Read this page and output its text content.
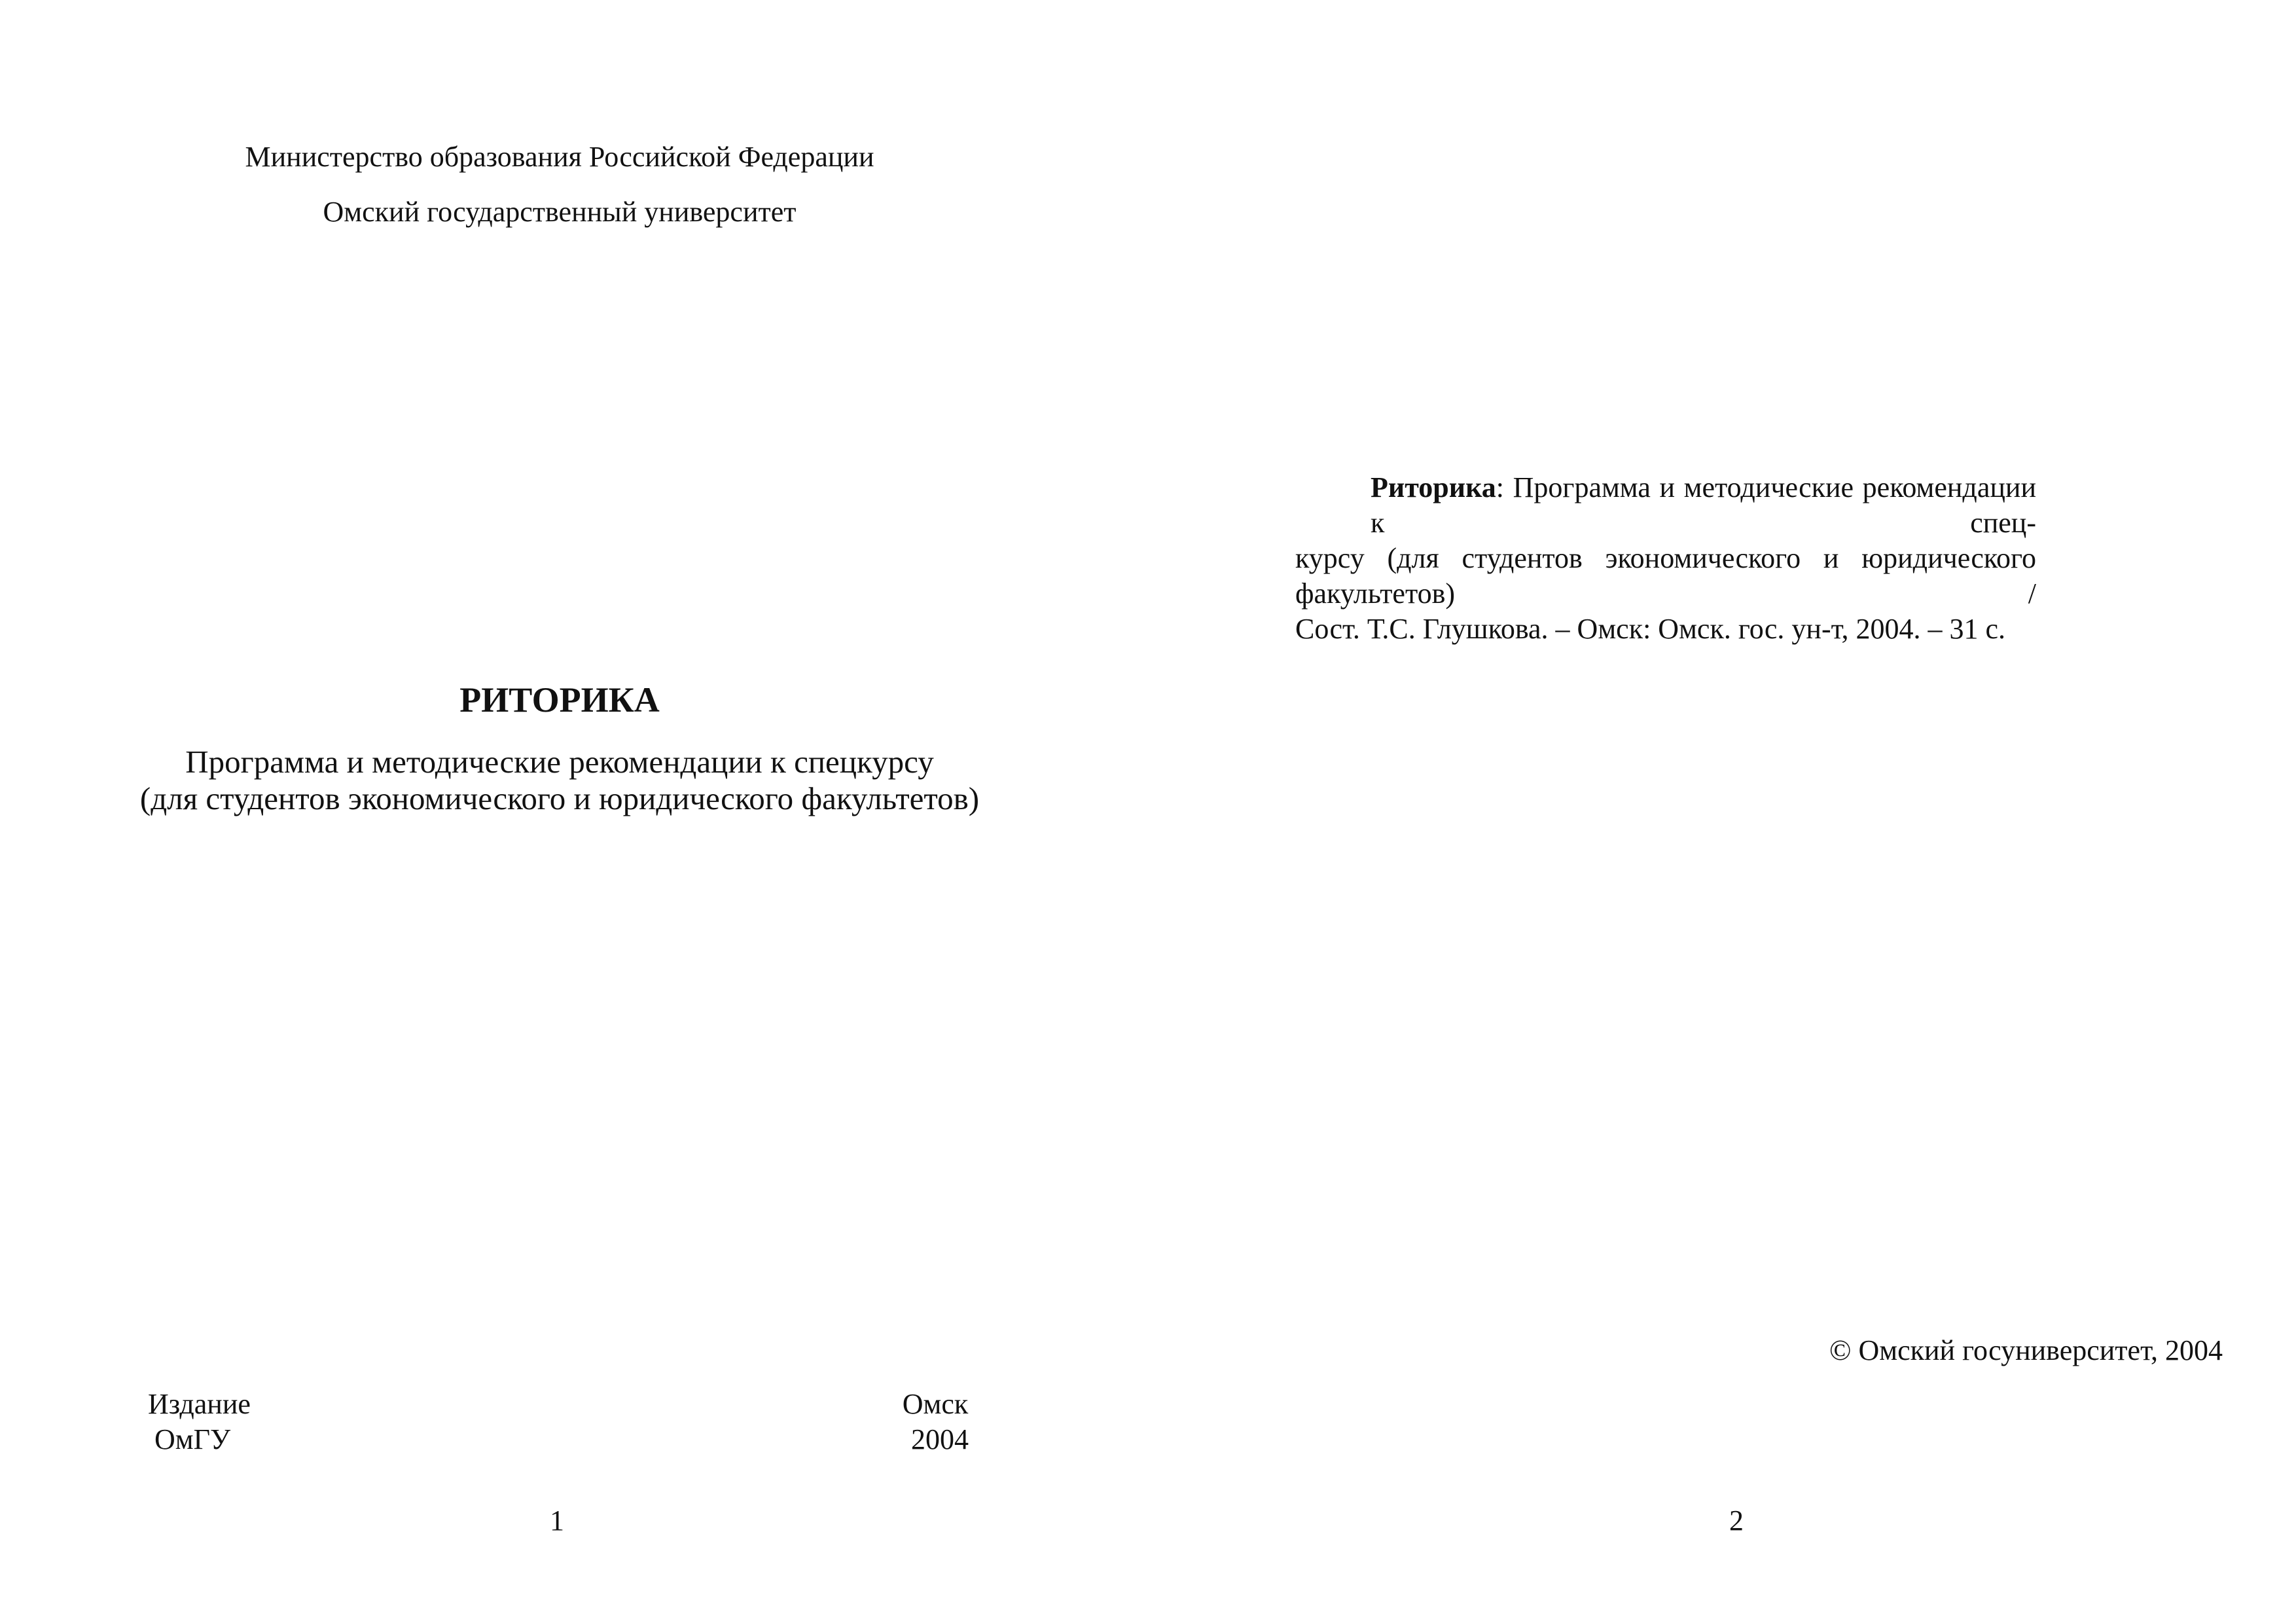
Министерство образования Российской Федерации
Омский государственный университет
РИТОРИКА
Программа и методические рекомендации к спецкурсу
(для студентов экономического и юридического факультетов)
Издание
ОмГУ
Омск
2004
1
Риторика: Программа и методические рекомендации к спец-
курсу (для студентов экономического и юридического факультетов) /
Сост. Т.С. Глушкова. – Омск: Омск. гос. ун-т, 2004. – 31 с.
© Омский госуниверситет, 2004
2
